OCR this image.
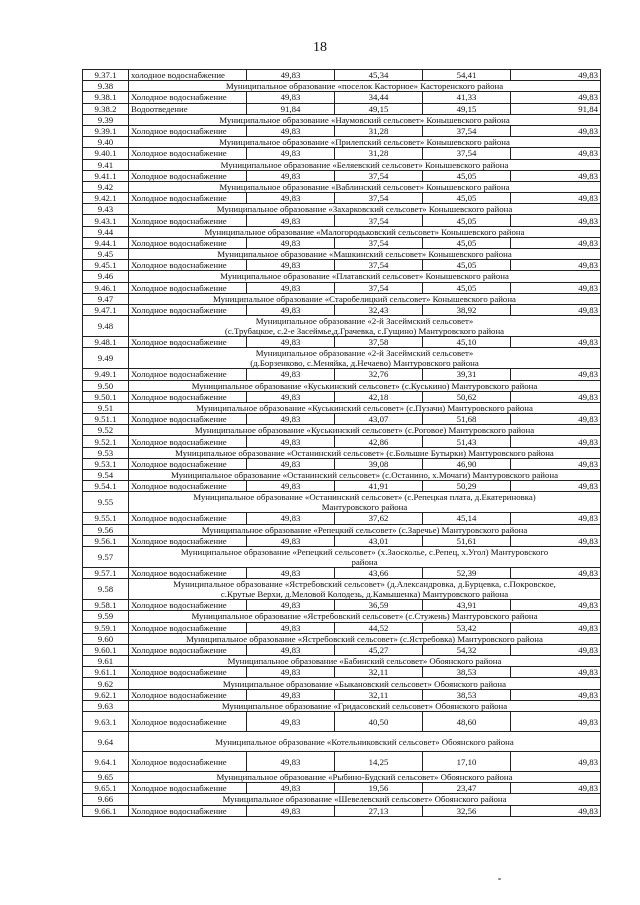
18
9.37.1	холодное водоснабжение	49,83	45,34	54,41	49,83
9.38	Муниципальное образование «поселок Касторное» Касторенского района				

9.38.1	Холодное водоснабжение	49,83	34,44	41,33	49,83
9.38.2	Водоотведение	91,84	49,15	49,15	91,84
9.39	Муниципальное образование «Наумовский сельсовет» Конышевского района				

9.39.1	Холодное водоснабжение	49,83	31,28	37,54	49,83
9.40	Муниципальное образование «Прилепский сельсовет» Конышевского района				

9.40.1	Холодное водоснабжение	49,83	31,28	37,54	49,83
9.41	Муниципальное образование «Беляевский сельсовет» Конышевского района				

9.41.1	Холодное водоснабжение	49,83	37,54	45,05	49,83
9.42	Муниципальное образование «Ваблинский сельсовет» Конышевского района				

9.42.1	Холодное водоснабжение	49,83	37,54	45,05	49,83
9.43	Муниципальное образование «Захарковский сельсовет» Конышевского района				

9.43.1	Холодное водоснабжение	49,83	37,54	45,05	49,83
9.44	Муниципальное образование «Малогородьковский сельсовет» Конышевского района				

9.44.1	Холодное водоснабжение	49,83	37,54	45,05	49,83
9.45	Муниципальное образование «Машкинский сельсовет» Конышевского района				

9.45.1	Холодное водоснабжение	49,83	37,54	45,05	49,83
9.46	Муниципальное образование «Платавский сельсовет» Конышевского района				

9.46.1	Холодное водоснабжение	49,83	37,54	45,05	49,83
9.47	Муниципальное образование «Старобелицкий сельсовет» Конышевского района				

9.47.1	Холодное водоснабжение	49,83	32,43	38,92	49,83
9.48	Муниципальное образование «2-й Засеймский сельсовет»
(с.Трубацкое, с.2-е Засеймье,д.Грачевка, с.Гущино) Мантуровского района				

9.48.1	Холодное водоснабжение	49,83	37,58	45,10	49,83
9.49	Муниципальное образование «2-й Засеймский сельсовет»
(д.Борзенково, с.Меняйка, д.Нечаево) Мантуровского района				

9.49.1	Холодное водоснабжение	49,83	32,76	39,31	49,83
9.50	Муниципальное образование «Куськинский сельсовет» (с.Куськино) Мантуровского района				

9.50.1	Холодное водоснабжение	49,83	42,18	50,62	49,83
9.51	Муниципальное образование «Куськинский сельсовет» (с.Пузачи) Мантуровского района				

9.51.1	Холодное водоснабжение	49,83	43,07	51,68	49,83
9.52	Муниципальное образование «Куськинский сельсовет» (с.Роговое) Мантуровского района				

9.52.1	Холодное водоснабжение	49,83	42,86	51,43	49,83
9.53	Муниципальное образование «Останинский сельсовет» (с.Большие Бутырки) Мантуровского района				

9.53.1	Холодное водоснабжение	49,83	39,08	46,90	49,83
9.54	Муниципальное образование «Останинский сельсовет» (с.Останино, х.Мочаги) Мантуровского района				

9.54.1	Холодное водоснабжение	49,83	41,91	50,29	49,83
9.55	Муниципальное образование «Останинский сельсовет» (с.Репецкая плата, д.Екатериновка)
Мантуровского района				

9.55.1	Холодное водоснабжение	49,83	37,62	45,14	49,83
9.56	Муниципальное образование «Репецкий сельсовет» (с.Заречье) Мантуровского района				

9.56.1	Холодное водоснабжение	49,83	43,01	51,61	49,83
9.57	Муниципальное образование «Репецкий сельсовет» (х.Заосколье, с.Репец, х.Угол) Мантуровского
района				

9.57.1	Холодное водоснабжение	49,83	43,66	52,39	49,83
9.58	Муниципальное образование «Ястребовский сельсовет» (д.Александровка, д.Бурцевка, с.Покровское,
с.Крутые Верхи, д.Меловой Колодезь, д.Камышенка) Мантуровского района				

9.58.1	Холодное водоснабжение	49,83	36,59	43,91	49,83
9.59	Муниципальное образование «Ястребовский сельсовет» (с.Стужень) Мантуровского района				

9.59.1	Холодное водоснабжение	49,83	44,52	53,42	49,83
9.60	Муниципальное образование «Ястребовский сельсовет» (с.Ястребовка) Мантуровского района				

9.60.1	Холодное водоснабжение	49,83	45,27	54,32	49,83
9.61	Муниципальное образование «Бабинский сельсовет» Обоянского района				

9.61.1	Холодное водоснабжение	49,83	32,11	38,53	49,83
9.62	Муниципальное образование «Быкановский сельсовет» Обоянского района				

9.62.1	Холодное водоснабжение	49,83	32,11	38,53	49,83
9.63	Муниципальное образование «Гридасовский сельсовет» Обоянского района				

9.63.1	Холодное водоснабжение	49,83	40,50	48,60	49,83
9.64	Муниципальное образование «Котельниковский сельсовет» Обоянского района				

9.64.1	Холодное водоснабжение	49,83	14,25	17,10	49,83
9.65	Муниципальное образование «Рыбино-Будский сельсовет» Обоянского района				

9.65.1	Холодное водоснабжение	49,83	19,56	23,47	49,83
9.66	Муниципальное образование «Шевелевский сельсовет» Обоянского района				

9.66.1	Холодное водоснабжение	49,83	27,13	32,56	49,83
